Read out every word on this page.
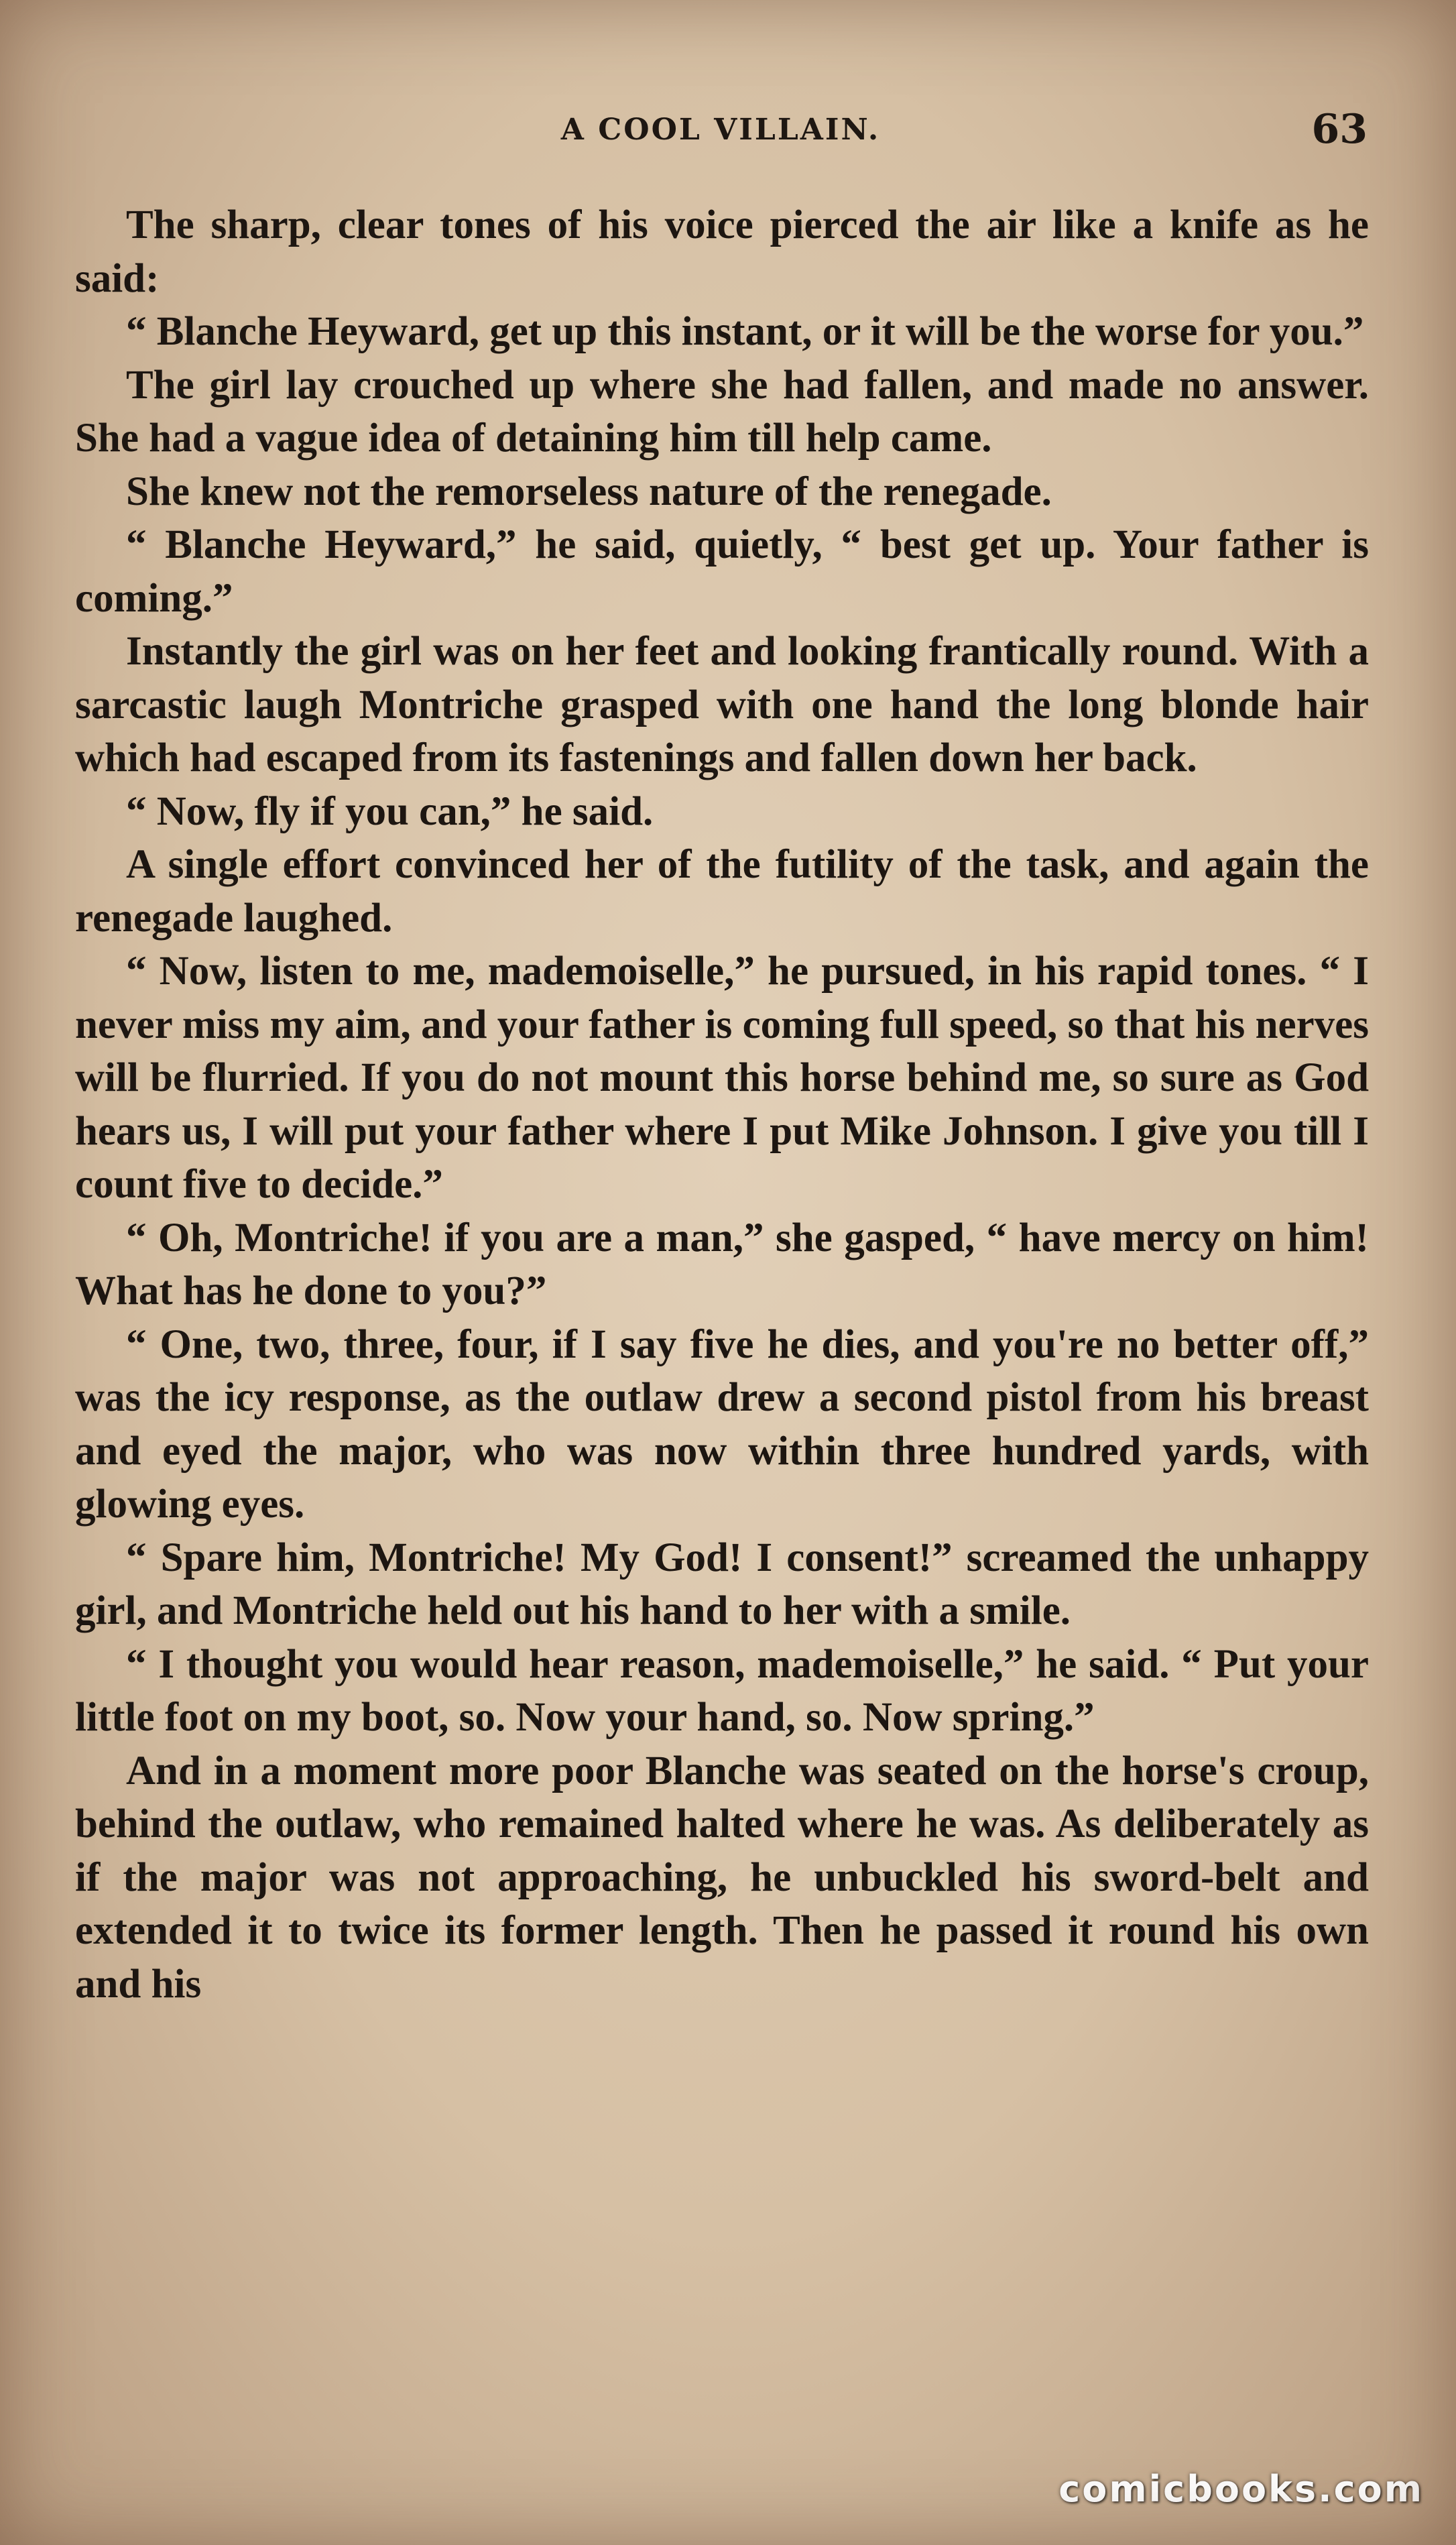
A COOL VILLAIN.	63

The sharp, clear tones of his voice pierced the air like a knife as he said:

“ Blanche Heyward, get up this instant, or it will be the worse for you.”

The girl lay crouched up where she had fallen, and made no answer. She had a vague idea of detaining him till help came.

She knew not the remorseless nature of the renegade.

“ Blanche Heyward,” he said, quietly, “ best get up. Your father is coming.”

Instantly the girl was on her feet and looking frantically round. With a sarcastic laugh Montriche grasped with one hand the long blonde hair which had escaped from its fastenings and fallen down her back.

“ Now, fly if you can,” he said.

A single effort convinced her of the futility of the task, and again the renegade laughed.

“ Now, listen to me, mademoiselle,” he pursued, in his rapid tones. “ I never miss my aim, and your father is coming full speed, so that his nerves will be flurried. If you do not mount this horse behind me, so sure as God hears us, I will put your father where I put Mike Johnson. I give you till I count five to decide.”

“ Oh, Montriche! if you are a man,” she gasped, “ have mercy on him! What has he done to you?”

“ One, two, three, four, if I say five he dies, and you're no better off,” was the icy response, as the outlaw drew a second pistol from his breast and eyed the major, who was now within three hundred yards, with glowing eyes.

“ Spare him, Montriche! My God! I consent!” screamed the unhappy girl, and Montriche held out his hand to her with a smile.

“ I thought you would hear reason, mademoiselle,” he said. “ Put your little foot on my boot, so. Now your hand, so. Now spring.”

And in a moment more poor Blanche was seated on the horse's croup, behind the outlaw, who remained halted where he was. As deliberately as if the major was not approaching, he unbuckled his sword-belt and extended it to twice its former length. Then he passed it round his own and his

comicbooks.com
